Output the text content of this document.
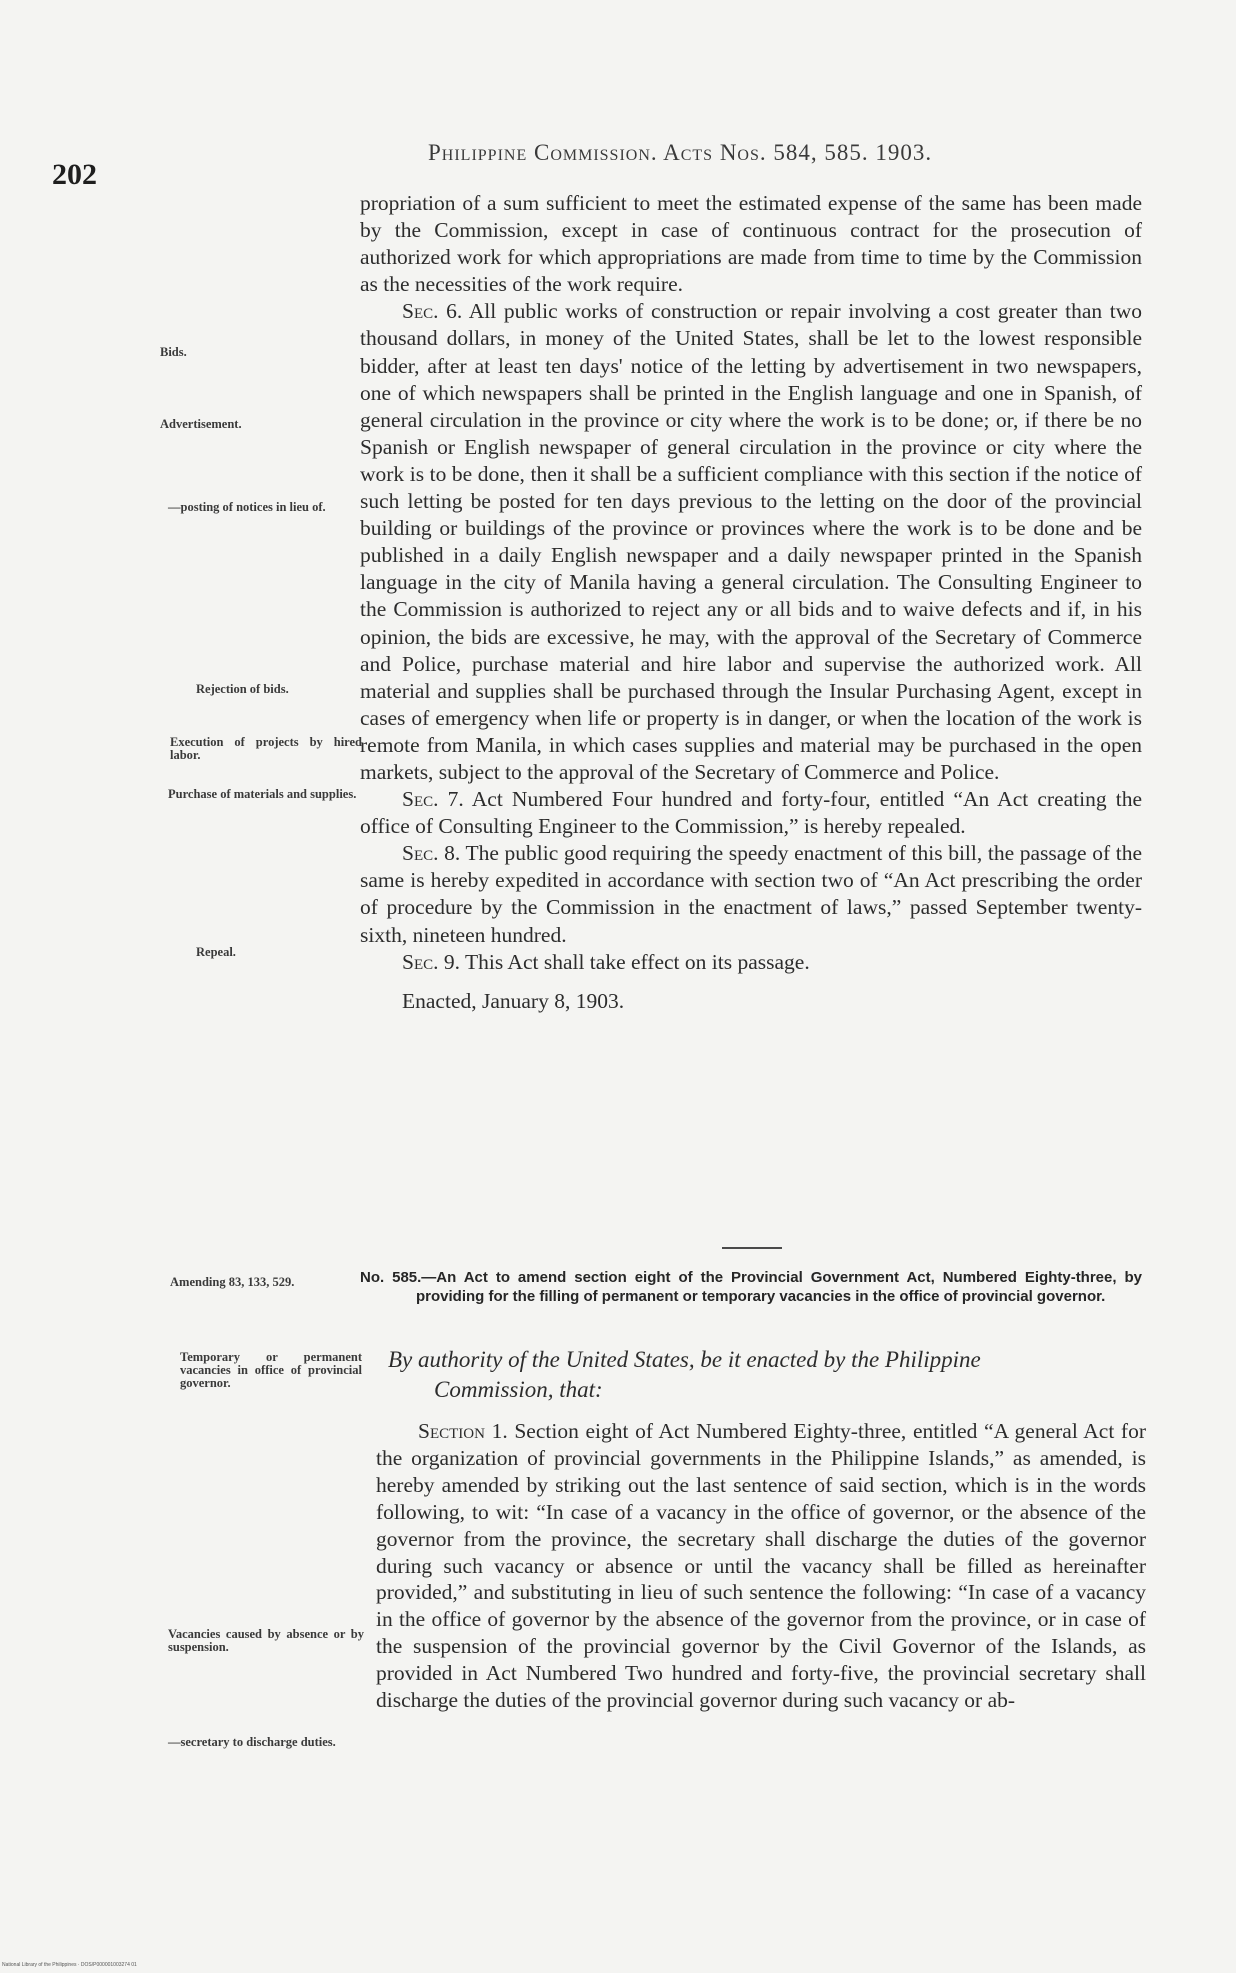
202
Philippine Commission. Acts Nos. 584, 585. 1903.
Bids.
Advertisement.
—posting of notices in lieu of.
Rejection of bids.
Execution of projects by hired labor.
Purchase of materials and supplies.
Repeal.
Amending 83, 133, 529.
Temporary or permanent vacancies in office of provincial governor.
Vacancies caused by absence or by suspension.
—secretary to discharge duties.

propriation of a sum sufficient to meet the estimated expense of the same has been made by the Commission, except in case of continuous contract for the prosecution of authorized work for which appropriations are made from time to time by the Commission as the necessities of the work require.

Sec. 6. All public works of construction or repair involving a cost greater than two thousand dollars, in money of the United States, shall be let to the lowest responsible bidder, after at least ten days' notice of the letting by advertisement in two newspapers, one of which newspapers shall be printed in the English language and one in Spanish, of general circulation in the province or city where the work is to be done; or, if there be no Spanish or English newspaper of general circulation in the province or city where the work is to be done, then it shall be a sufficient compliance with this section if the notice of such letting be posted for ten days previous to the letting on the door of the provincial building or buildings of the province or provinces where the work is to be done and be published in a daily English newspaper and a daily newspaper printed in the Spanish language in the city of Manila having a general circulation. The Consulting Engineer to the Commission is authorized to reject any or all bids and to waive defects and if, in his opinion, the bids are excessive, he may, with the approval of the Secretary of Commerce and Police, purchase material and hire labor and supervise the authorized work. All material and supplies shall be purchased through the Insular Purchasing Agent, except in cases of emergency when life or property is in danger, or when the location of the work is remote from Manila, in which cases supplies and material may be purchased in the open markets, subject to the approval of the Secretary of Commerce and Police.

Sec. 7. Act Numbered Four hundred and forty-four, entitled “An Act creating the office of Consulting Engineer to the Commission,” is hereby repealed.

Sec. 8. The public good requiring the speedy enactment of this bill, the passage of the same is hereby expedited in accordance with section two of “An Act prescribing the order of procedure by the Commission in the enactment of laws,” passed September twenty-sixth, nineteen hundred.

Sec. 9. This Act shall take effect on its passage.

Enacted, January 8, 1903.

No. 585.—An Act to amend section eight of the Provincial Government Act, Numbered Eighty-three, by providing for the filling of permanent or temporary vacancies in the office of provincial governor.
By authority of the United States, be it enacted by the Philippine
Commission, that:

Section 1. Section eight of Act Numbered Eighty-three, entitled “A general Act for the organization of provincial governments in the Philippine Islands,” as amended, is hereby amended by striking out the last sentence of said section, which is in the words following, to wit: “In case of a vacancy in the office of governor, or the absence of the governor from the province, the secretary shall discharge the duties of the governor during such vacancy or absence or until the vacancy shall be filled as hereinafter provided,” and substituting in lieu of such sentence the following: “In case of a vacancy in the office of governor by the absence of the governor from the province, or in case of the suspension of the provincial governor by the Civil Governor of the Islands, as provided in Act Numbered Two hundred and forty-five, the provincial secretary shall discharge the duties of the provincial governor during such vacancy or ab-

National Library of the Philippines · DOS/P000001003274 01
